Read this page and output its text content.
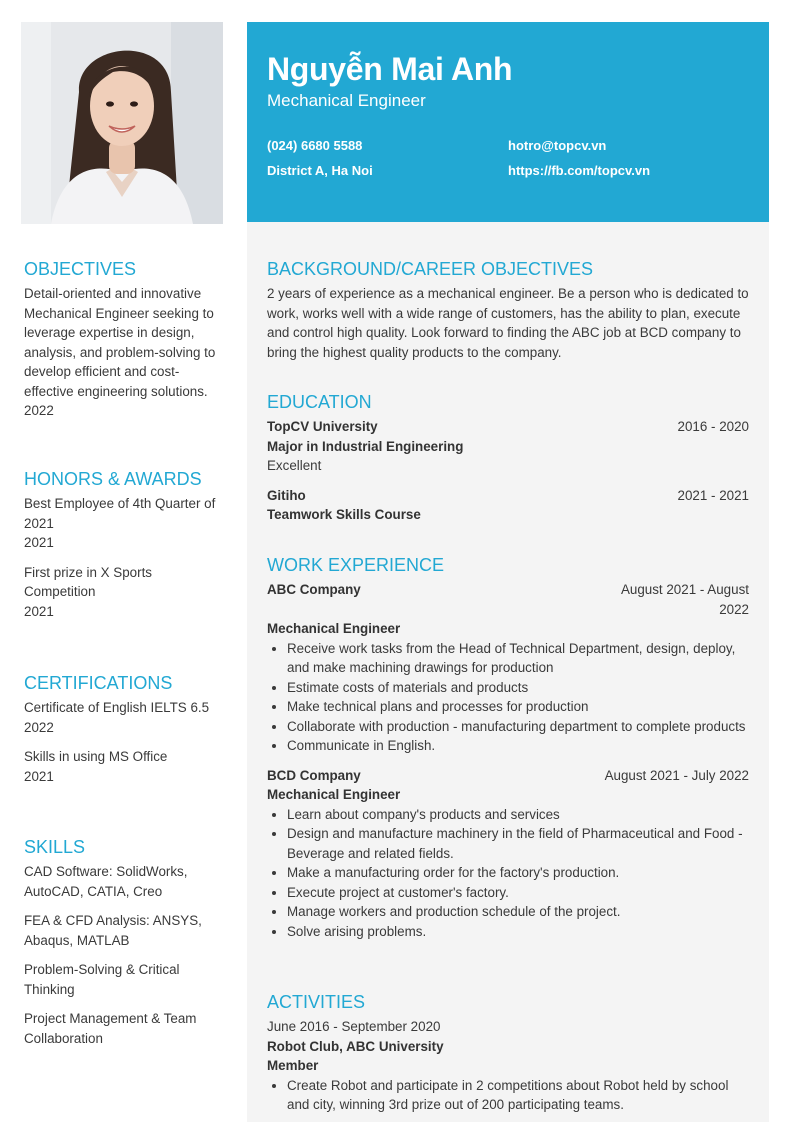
Nguyễn Mai Anh
Mechanical Engineer
(024) 6680 5588	hotro@topcv.vn
District A, Ha Noi	https://fb.com/topcv.vn
OBJECTIVES

Detail-oriented and innovative Mechanical Engineer seeking to leverage expertise in design, analysis, and problem-solving to develop efficient and cost-effective engineering solutions.

2022
HONORS & AWARDS
Best Employee of 4th Quarter of 2021
2021
First prize in X Sports Competition
2021
CERTIFICATIONS
Certificate of English IELTS 6.5
2022
Skills in using MS Office
2021
SKILLS
CAD Software: SolidWorks, AutoCAD, CATIA, Creo
FEA & CFD Analysis: ANSYS, Abaqus, MATLAB
Problem-Solving & Critical Thinking
Project Management & Team Collaboration
BACKGROUND/CAREER OBJECTIVES

2 years of experience as a mechanical engineer. Be a person who is dedicated to work, works well with a wide range of customers, has the ability to plan, execute and control high quality. Look forward to finding the ABC job at BCD company to bring the highest quality products to the company.

EDUCATION
TopCV University	2016 - 2020
Major in Industrial Engineering
Excellent
Gitiho	2021 - 2021
Teamwork Skills Course
WORK EXPERIENCE
ABC Company	August 2021 - August 2022
Mechanical Engineer
• Receive work tasks from the Head of Technical Department, design, deploy, and make machining drawings for production
• Estimate costs of materials and products
• Make technical plans and processes for production
• Collaborate with production - manufacturing department to complete products
• Communicate in English.
BCD Company	August 2021 - July 2022
Mechanical Engineer
• Learn about company's products and services
• Design and manufacture machinery in the field of Pharmaceutical and Food - Beverage and related fields.
• Make a manufacturing order for the factory's production.
• Execute project at customer's factory.
• Manage workers and production schedule of the project.
• Solve arising problems.
ACTIVITIES
June 2016 - September 2020
Robot Club, ABC University
Member
• Create Robot and participate in 2 competitions about Robot held by school and city, winning 3rd prize out of 200 participating teams.
